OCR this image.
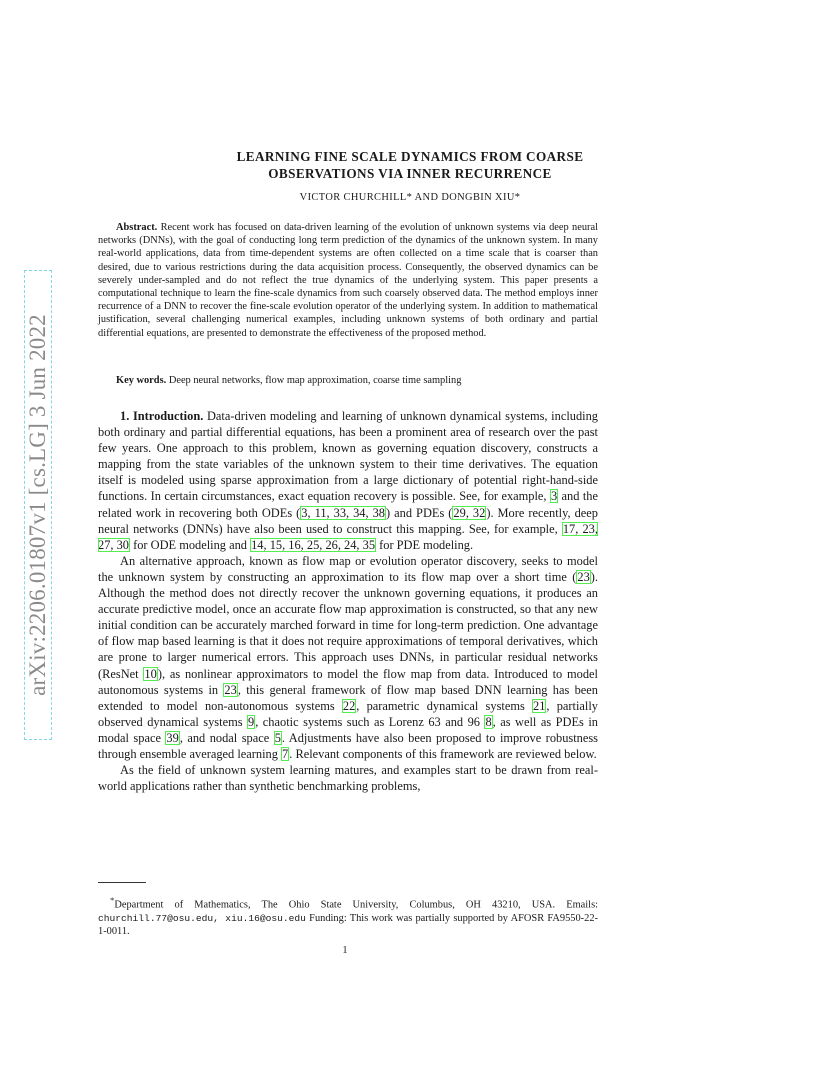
arXiv:2206.01807v1 [cs.LG] 3 Jun 2022
LEARNING FINE SCALE DYNAMICS FROM COARSE
OBSERVATIONS VIA INNER RECURRENCE
VICTOR CHURCHILL* AND DONGBIN XIU*

Abstract. Recent work has focused on data-driven learning of the evolution of unknown systems via deep neural networks (DNNs), with the goal of conducting long term prediction of the dynamics of the unknown system. In many real-world applications, data from time-dependent systems are often collected on a time scale that is coarser than desired, due to various restrictions during the data acquisition process. Consequently, the observed dynamics can be severely under-sampled and do not reflect the true dynamics of the underlying system. This paper presents a computational technique to learn the fine-scale dynamics from such coarsely observed data. The method employs inner recurrence of a DNN to recover the fine-scale evolution operator of the underlying system. In addition to mathematical justification, several challenging numerical examples, including unknown systems of both ordinary and partial differential equations, are presented to demonstrate the effectiveness of the proposed method.

Key words. Deep neural networks, flow map approximation, coarse time sampling

1. Introduction. Data-driven modeling and learning of unknown dynamical systems, including both ordinary and partial differential equations, has been a prominent area of research over the past few years. One approach to this problem, known as governing equation discovery, constructs a mapping from the state variables of the unknown system to their time derivatives. The equation itself is modeled using sparse approximation from a large dictionary of potential right-hand-side functions. In certain circumstances, exact equation recovery is possible. See, for example, 3 and the related work in recovering both ODEs (3, 11, 33, 34, 38) and PDEs (29, 32). More recently, deep neural networks (DNNs) have also been used to construct this mapping. See, for example, 17, 23, 27, 30 for ODE modeling and 14, 15, 16, 25, 26, 24, 35 for PDE modeling.

An alternative approach, known as flow map or evolution operator discovery, seeks to model the unknown system by constructing an approximation to its flow map over a short time (23). Although the method does not directly recover the unknown governing equations, it produces an accurate predictive model, once an accurate flow map approximation is constructed, so that any new initial condition can be accurately marched forward in time for long-term prediction. One advantage of flow map based learning is that it does not require approximations of temporal derivatives, which are prone to larger numerical errors. This approach uses DNNs, in particular residual networks (ResNet 10), as nonlinear approximators to model the flow map from data. Introduced to model autonomous systems in 23, this general framework of flow map based DNN learning has been extended to model non-autonomous systems 22, parametric dynamical systems 21, partially observed dynamical systems 9, chaotic systems such as Lorenz 63 and 96 8, as well as PDEs in modal space 39, and nodal space 5. Adjustments have also been proposed to improve robustness through ensemble averaged learning 7. Relevant components of this framework are reviewed below.

As the field of unknown system learning matures, and examples start to be drawn from real-world applications rather than synthetic benchmarking problems,

*Department of Mathematics, The Ohio State University, Columbus, OH 43210, USA. Emails: churchill.77@osu.edu, xiu.16@osu.edu Funding: This work was partially supported by AFOSR FA9550-22-1-0011.

1
